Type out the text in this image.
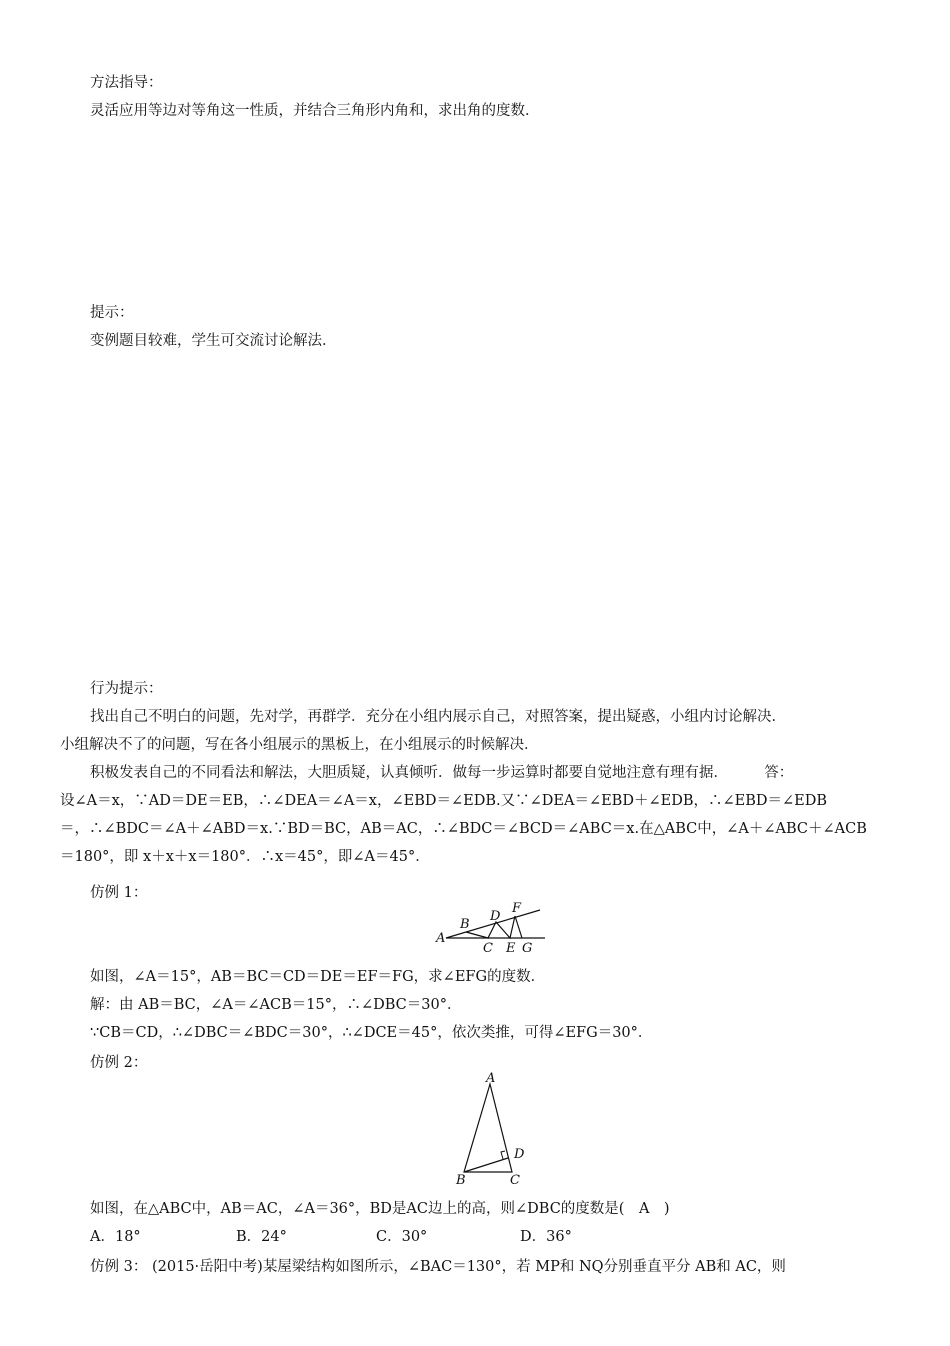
方法指导：
灵活应用等边对等角这一性质，并结合三角形内角和，求出角的度数．
提示：
变例题目较难，学生可交流讨论解法．
行为提示：
找出自己不明白的问题，先对学，再群学．充分在小组内展示自己，对照答案，提出疑惑，小组内讨论解决．
小组解决不了的问题，写在各小组展示的黑板上，在小组展示的时候解决．
积极发表自己的不同看法和解法，大胆质疑，认真倾听．做每一步运算时都要自觉地注意有理有据．　　　答：
设∠A＝x，∵AD＝DE＝EB，∴∠DEA＝∠A＝x，∠EBD＝∠EDB.又∵∠DEA＝∠EBD＋∠EDB，∴∠EBD＝∠EDB
＝，∴∠BDC＝∠A＋∠ABD＝x.∵BD＝BC，AB＝AC，∴∠BDC＝∠BCD＝∠ABC＝x.在△ABC中，∠A＋∠ABC＋∠ACB
＝180°，即 x＋x＋x＝180°．∴x＝45°，即∠A＝45°．
仿例 1：
A
B
C
D
E
F
G
如图，∠A＝15°，AB＝BC＝CD＝DE＝EF＝FG，求∠EFG的度数．
解：由 AB＝BC，∠A＝∠ACB＝15°，∴∠DBC＝30°．
∵CB＝CD，∴∠DBC＝∠BDC＝30°，∴∠DCE＝45°，依次类推，可得∠EFG＝30°．
仿例 2：
A
B	C
D
如图，在△ABC中，AB＝AC，∠A＝36°，BD是AC边上的高，则∠DBC的度数是(　A　)
A．18°	B．24°	C．30°	D．36°
仿例 3： (2015·岳阳中考)某屋梁结构如图所示，∠BAC＝130°，若 MP和 NQ分别垂直平分 AB和 AC，则
